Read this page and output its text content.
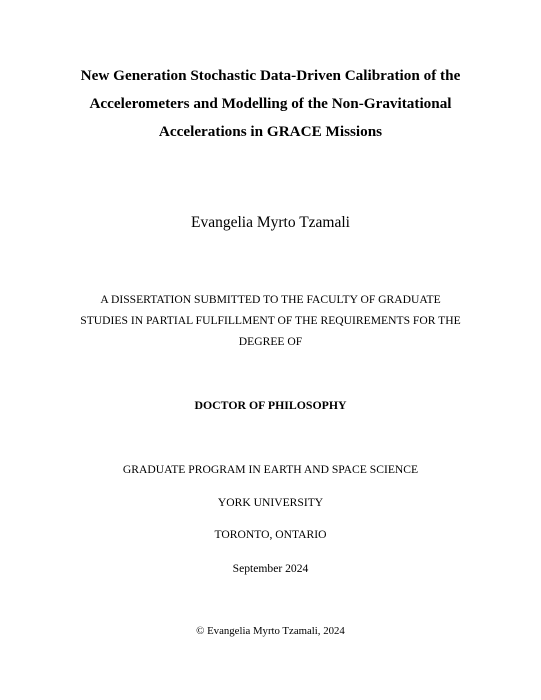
New Generation Stochastic Data-Driven Calibration of the
Accelerometers and Modelling of the Non-Gravitational
Accelerations in GRACE Missions
Evangelia Myrto Tzamali
A DISSERTATION SUBMITTED TO THE FACULTY OF GRADUATE
STUDIES IN PARTIAL FULFILLMENT OF THE REQUIREMENTS FOR THE
DEGREE OF
DOCTOR OF PHILOSOPHY
GRADUATE PROGRAM IN EARTH AND SPACE SCIENCE
YORK UNIVERSITY
TORONTO, ONTARIO
September 2024
© Evangelia Myrto Tzamali, 2024
